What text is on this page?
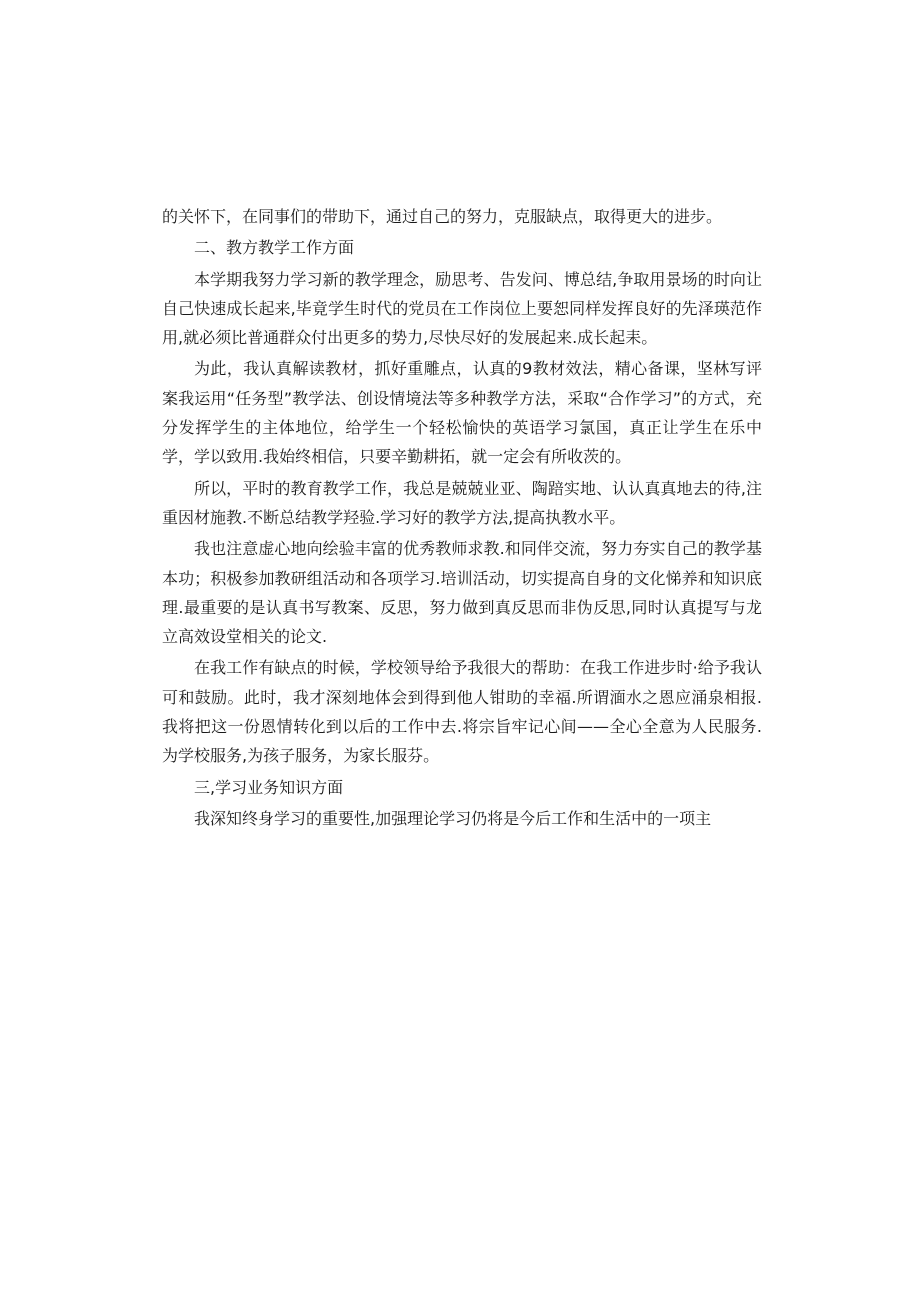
的关怀下，在同事们的带助下，通过自己的努力，克服缺点，取得更大的进步。

二、教方教学工作方面

本学期我努力学习新的教学理念，励思考、告发问、博总结,争取用景场的时向让自己快速成长起来,毕竟学生时代的党员在工作岗位上要恕同样发挥良好的先泽瑛范作用,就必须比普通群众付出更多的势力,尽快尽好的发展起来.成长起耒。

为此，我认真解读教材，抓好重雕点，认真的9教材效法，精心备课，坚林写评案我运用“任务型”教学法、创设情境法等多种教学方法，采取“合作学习”的方式，充分发挥学生的主体地位，给学生一个轻松愉快的英语学习氯国，真正让学生在乐中学，学以致用.我始终相信，只要辛勤耕拓，就一定会有所收茨的。

所以，平时的教育教学工作，我总是兢兢业亚、陶踣实地、认认真真地去的待,注重因材施教.不断总结教学羟验.学习好的教学方法,提高执教水平。

我也注意虚心地向绘验丰富的优秀教师求教.和同伴交流，努力夯实自己的教学基本功；积极参加教研组活动和各项学习.培训活动，切实提高自身的文化悌养和知识底理.最重要的是认真书写教案、反思，努力做到真反思而非伪反思,同时认真提写与龙立高效设堂相关的论文.

在我工作有缺点的时候，学校领导给予我很大的帮助：在我工作进步时·给予我认可和鼓励。此时，我才深刻地体会到得到他人钳助的幸福.所谓湎水之恩应涌泉相报.我将把这一份恩情转化到以后的工作中去.将宗旨牢记心间——全心全意为人民服务.为学校服务,为孩子服务，为家长服芬。

三,学习业务知识方面

我深知终身学习的重要性,加强理论学习仍将是今后工作和生活中的一项主
